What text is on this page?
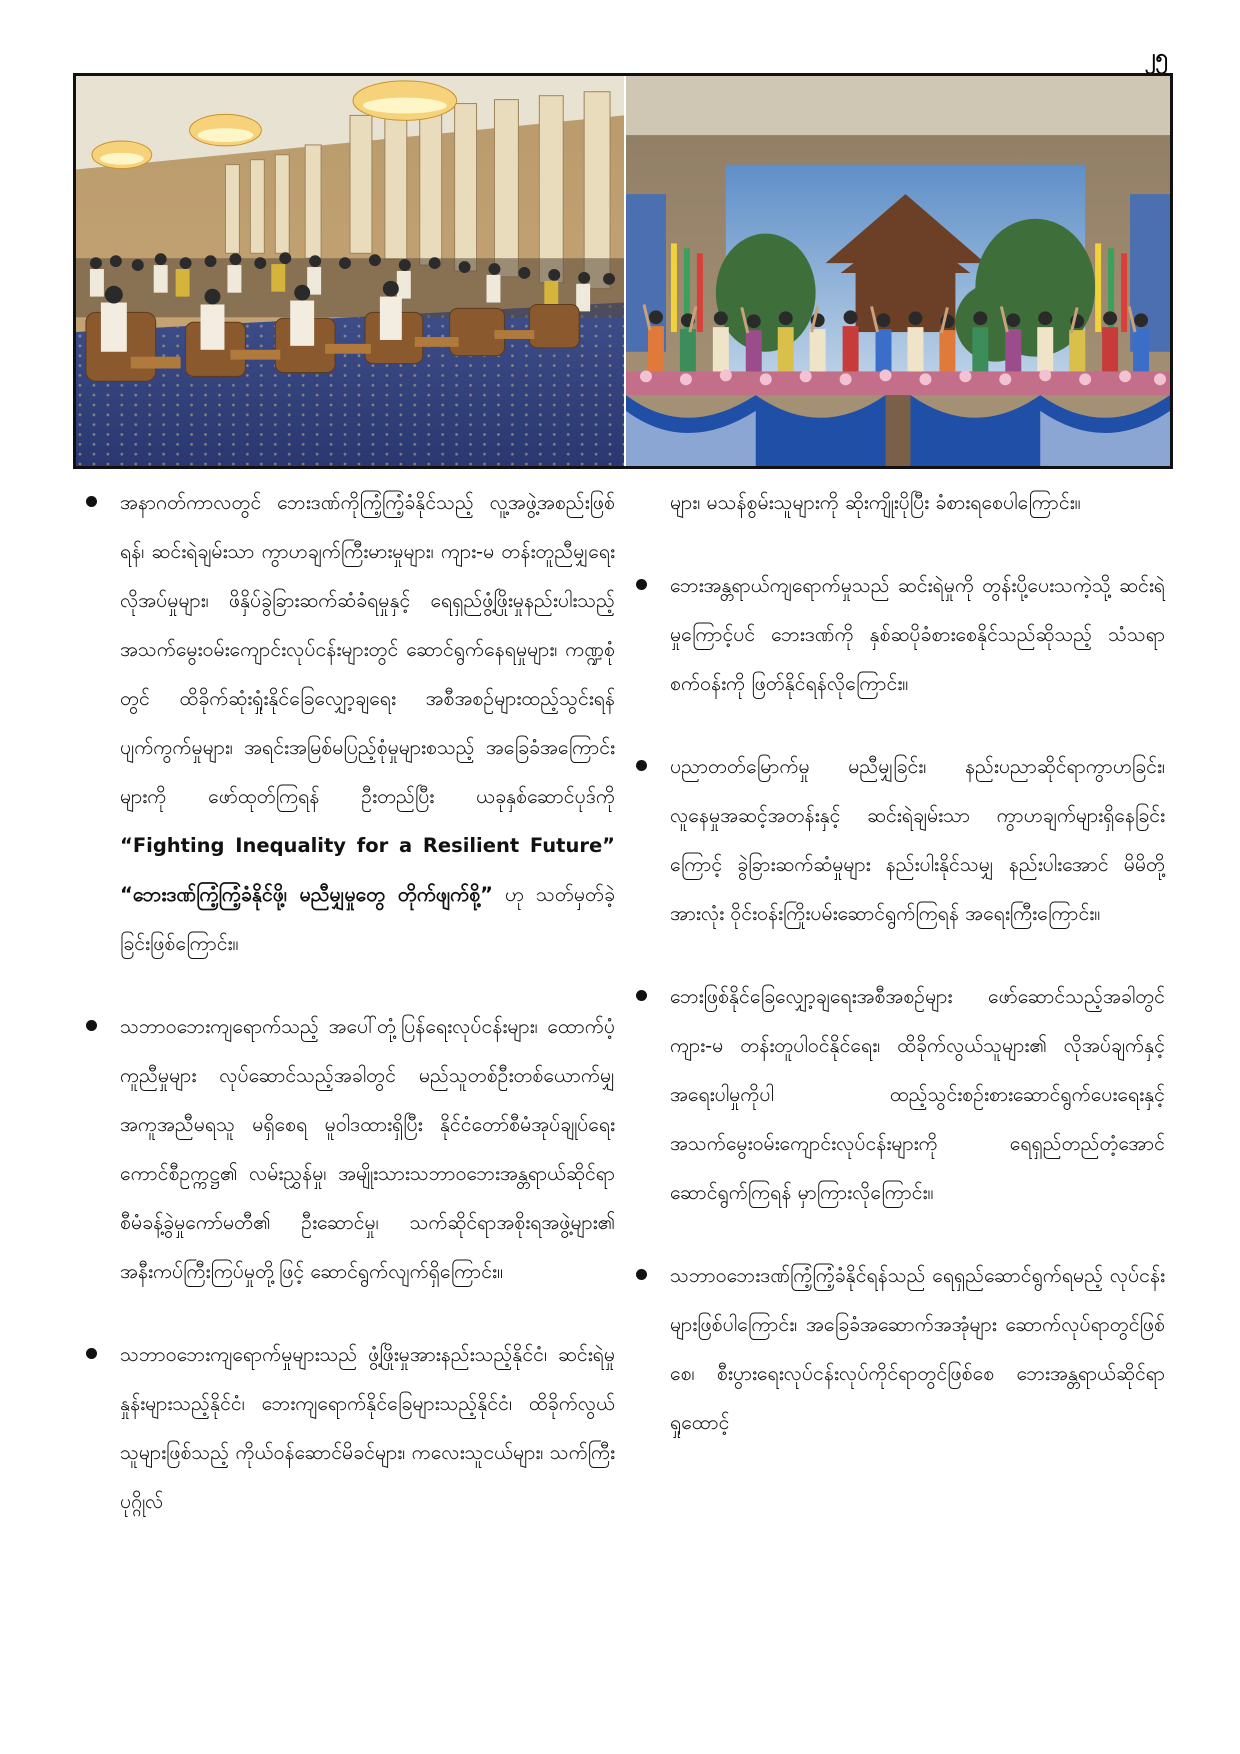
၂၅

အနာဂတ်ကာလတွင် ဘေးဒဏ်ကိုကြံ့ကြံ့ခံနိုင်သည့် လူ့အဖွဲ့အစည်းဖြစ်ရန်၊ ဆင်းရဲချမ်းသာ ကွာဟချက်ကြီးမားမှုများ၊ ကျား-မ တန်းတူညီမျှရေး လိုအပ်မှုများ၊ ဖိနှိပ်ခွဲခြားဆက်ဆံခံရမှုနှင့် ရေရှည်ဖွံ့ဖြိုးမှုနည်းပါးသည့် အသက်မွေးဝမ်းကျောင်းလုပ်ငန်းများတွင် ဆောင်ရွက်နေရမှုများ၊ ကဏ္ဍစုံတွင် ထိခိုက်ဆုံးရှုံးနိုင်ခြေလျှော့ချရေး အစီအစဉ်များထည့်သွင်းရန် ပျက်ကွက်မှုများ၊ အရင်းအမြစ်မပြည့်စုံမှုများစသည့် အခြေခံအကြောင်းများကို ဖော်ထုတ်ကြရန် ဦးတည်ပြီး ယခုနှစ်ဆောင်ပုဒ်ကို “Fighting Inequality for a Resilient Future” “ဘေးဒဏ်ကြံ့ကြံ့ခံနိုင်ဖို့၊ မညီမျှမှုတွေ တိုက်ဖျက်စို့” ဟု သတ်မှတ်ခဲ့ခြင်းဖြစ်ကြောင်း။

သဘာဝဘေးကျရောက်သည့် အပေါ်တုံ့ပြန်ရေးလုပ်ငန်းများ၊ ထောက်ပံ့ကူညီမှုများ လုပ်ဆောင်သည့်အခါတွင် မည်သူတစ်ဦးတစ်ယောက်မျှ အကူအညီမရသူ မရှိစေရ မူဝါဒထားရှိပြီး နိုင်ငံတော်စီမံအုပ်ချုပ်ရေးကောင်စီဥက္ကဋ္ဌ၏ လမ်းညွှန်မှု၊ အမျိုးသားသဘာဝဘေးအန္တရာယ်ဆိုင်ရာစီမံခန့်ခွဲမှုကော်မတီ၏ ဦးဆောင်မှု၊ သက်ဆိုင်ရာအစိုးရအဖွဲ့များ၏ အနီးကပ်ကြီးကြပ်မှုတို့ဖြင့် ဆောင်ရွက်လျက်ရှိကြောင်း။

သဘာဝဘေးကျရောက်မှုများသည် ဖွံ့ဖြိုးမှုအားနည်းသည့်နိုင်ငံ၊ ဆင်းရဲမှုနှုန်းများသည့်နိုင်ငံ၊ ဘေးကျရောက်နိုင်ခြေများသည့်နိုင်ငံ၊ ထိခိုက်လွယ်သူများဖြစ်သည့် ကိုယ်ဝန်ဆောင်မိခင်များ၊ ကလေးသူငယ်များ၊ သက်ကြီးပုဂ္ဂိုလ်

များ၊ မသန်စွမ်းသူများကို ဆိုးကျိုးပိုပြီး ခံစားရစေပါကြောင်း။

ဘေးအန္တရာယ်ကျရောက်မှုသည် ဆင်းရဲမှုကို တွန်းပို့ပေးသကဲ့သို့ ဆင်းရဲမှုကြောင့်ပင် ဘေးဒဏ်ကို နှစ်ဆပိုခံစားစေနိုင်သည်ဆိုသည့် သံသရာစက်ဝန်းကို ဖြတ်နိုင်ရန်လိုကြောင်း။

ပညာတတ်မြောက်မှု မညီမျှခြင်း၊ နည်းပညာဆိုင်ရာကွာဟခြင်း၊ လူနေမှုအဆင့်အတန်းနှင့် ဆင်းရဲချမ်းသာ ကွာဟချက်များရှိနေခြင်းကြောင့် ခွဲခြားဆက်ဆံမှုများ နည်းပါးနိုင်သမျှ နည်းပါးအောင် မိမိတို့အားလုံး ဝိုင်းဝန်းကြိုးပမ်းဆောင်ရွက်ကြရန် အရေးကြီးကြောင်း။

ဘေးဖြစ်နိုင်ခြေလျှော့ချရေးအစီအစဉ်များ ဖော်ဆောင်သည့်အခါတွင် ကျား-မ တန်းတူပါဝင်နိုင်ရေး၊ ထိခိုက်လွယ်သူများ၏ လိုအပ်ချက်နှင့် အရေးပါမှုကိုပါ ထည့်သွင်းစဉ်းစားဆောင်ရွက်ပေးရေးနှင့် အသက်မွေးဝမ်းကျောင်းလုပ်ငန်းများကို ရေရှည်တည်တံ့အောင် ဆောင်ရွက်ကြရန် မှာကြားလိုကြောင်း။

သဘာဝဘေးဒဏ်ကြံ့ကြံ့ခံနိုင်ရန်သည် ရေရှည်ဆောင်ရွက်ရမည့် လုပ်ငန်းများဖြစ်ပါကြောင်း၊ အခြေခံအဆောက်အအုံများ ဆောက်လုပ်ရာတွင်ဖြစ်စေ၊ စီးပွားရေးလုပ်ငန်းလုပ်ကိုင်ရာတွင်ဖြစ်စေ ဘေးအန္တရာယ်ဆိုင်ရာ ရှုထောင့်
